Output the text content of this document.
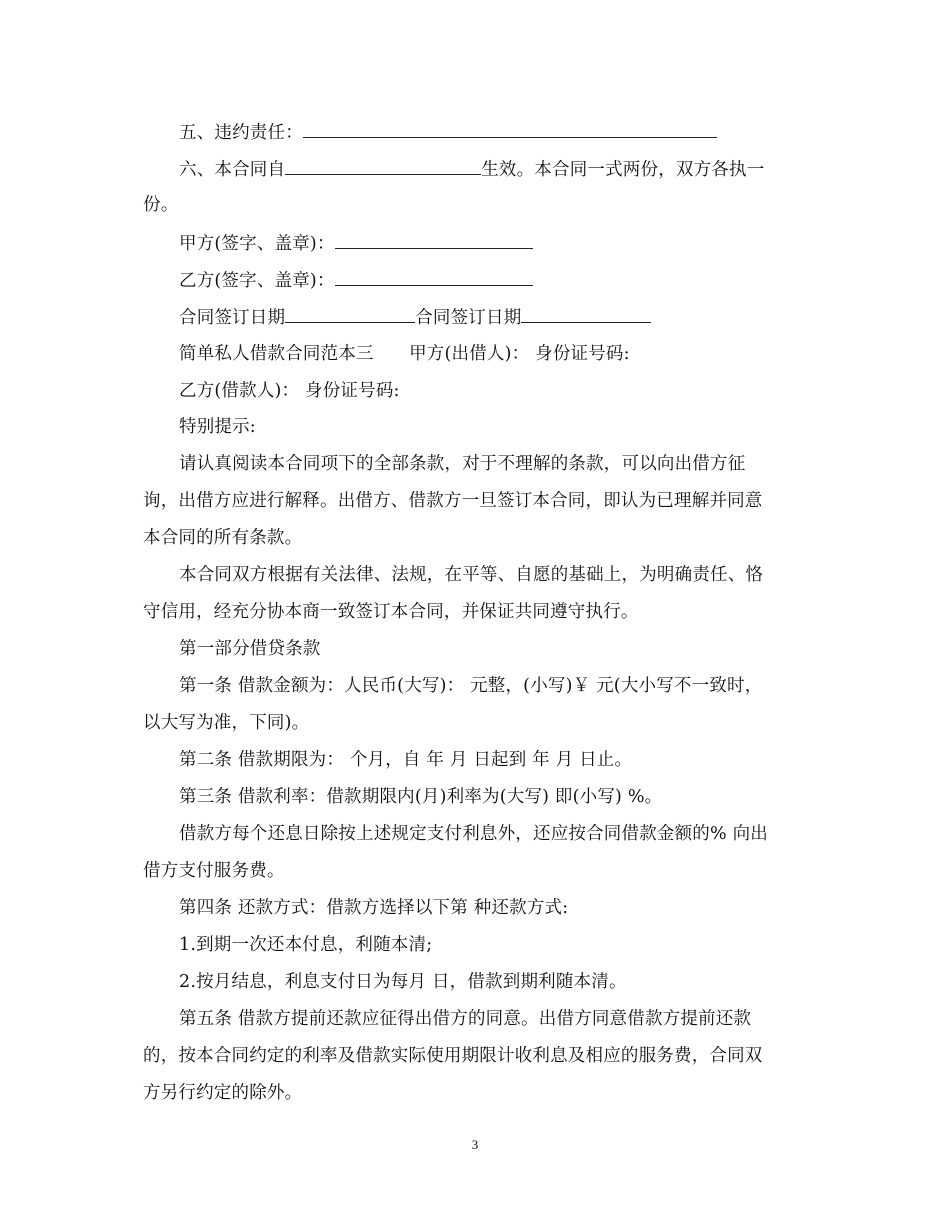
五、违约责任：
六、本合同自	生效。本合同一式两份，双方各执一
份。
甲方(签字、盖章)：
乙方(签字、盖章)：
合同签订日期	合同签订日期
简单私人借款合同范本三　　甲方(出借人)： 身份证号码:
乙方(借款人)： 身份证号码:
特别提示:
请认真阅读本合同项下的全部条款，对于不理解的条款，可以向出借方征
询，出借方应进行解释。出借方、借款方一旦签订本合同，即认为已理解并同意
本合同的所有条款。
本合同双方根据有关法律、法规，在平等、自愿的基础上，为明确责任、恪
守信用，经充分协本商一致签订本合同，并保证共同遵守执行。
第一部分借贷条款
第一条 借款金额为：人民币(大写)： 元整，(小写)￥ 元(大小写不一致时，
以大写为准，下同)。
第二条 借款期限为： 个月，自 年 月 日起到 年 月 日止。
第三条 借款利率：借款期限内(月)利率为(大写) 即(小写) %。
借款方每个还息日除按上述规定支付利息外，还应按合同借款金额的% 向出
借方支付服务费。
第四条 还款方式：借款方选择以下第 种还款方式:
1.到期一次还本付息，利随本清;
2.按月结息，利息支付日为每月 日，借款到期利随本清。
第五条 借款方提前还款应征得出借方的同意。出借方同意借款方提前还款
的，按本合同约定的利率及借款实际使用期限计收利息及相应的服务费，合同双
方另行约定的除外。
3
